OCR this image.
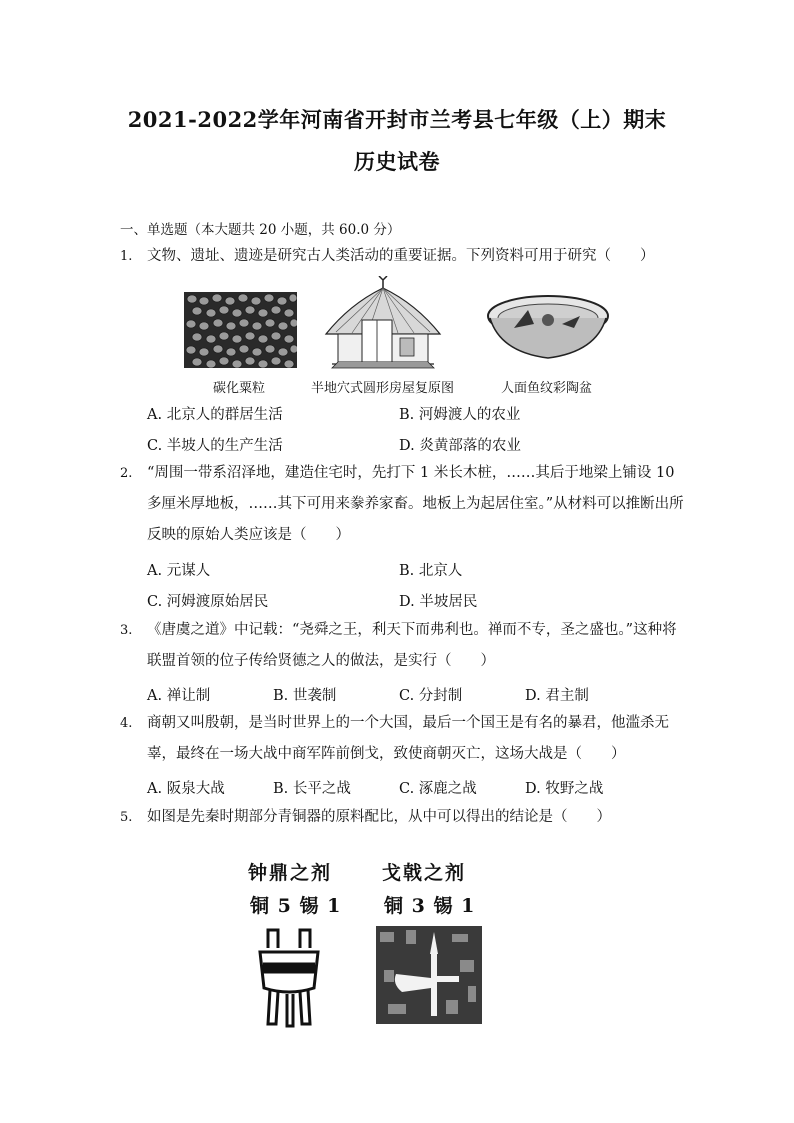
2021-2022学年河南省开封市兰考县七年级（上）期末
历史试卷
一、单选题（本大题共 20 小题，共 60.0 分）
1. 文物、遗址、遗迹是研究古人类活动的重要证据。下列资料可用于研究（　　）
碳化粟粒	半地穴式圆形房屋复原图	人面鱼纹彩陶盆
A. 北京人的群居生活	B. 河姆渡人的农业
C. 半坡人的生产生活	D. 炎黄部落的农业
2. “周围一带系沼泽地，建造住宅时，先打下 1 米长木桩，……其后于地梁上铺设 10 多厘米厚地板，……其下可用来豢养家畜。地板上为起居住室。”从材料可以推断出所反映的原始人类应该是（　　）
A. 元谋人	B. 北京人
C. 河姆渡原始居民	D. 半坡居民
3. 《唐虞之道》中记载：“尧舜之王，利天下而弗利也。禅而不专，圣之盛也。”这种将联盟首领的位子传给贤德之人的做法，是实行（　　）
A. 禅让制	B. 世袭制	C. 分封制	D. 君主制
4. 商朝又叫殷朝，是当时世界上的一个大国，最后一个国王是有名的暴君，他滥杀无辜，最终在一场大战中商军阵前倒戈，致使商朝灭亡，这场大战是（　　）
A. 阪泉大战	B. 长平之战	C. 涿鹿之战	D. 牧野之战
5. 如图是先秦时期部分青铜器的原料配比，从中可以得出的结论是（　　）
钟鼎之剂
铜 5 锡 1
戈戟之剂
铜 3 锡 1
